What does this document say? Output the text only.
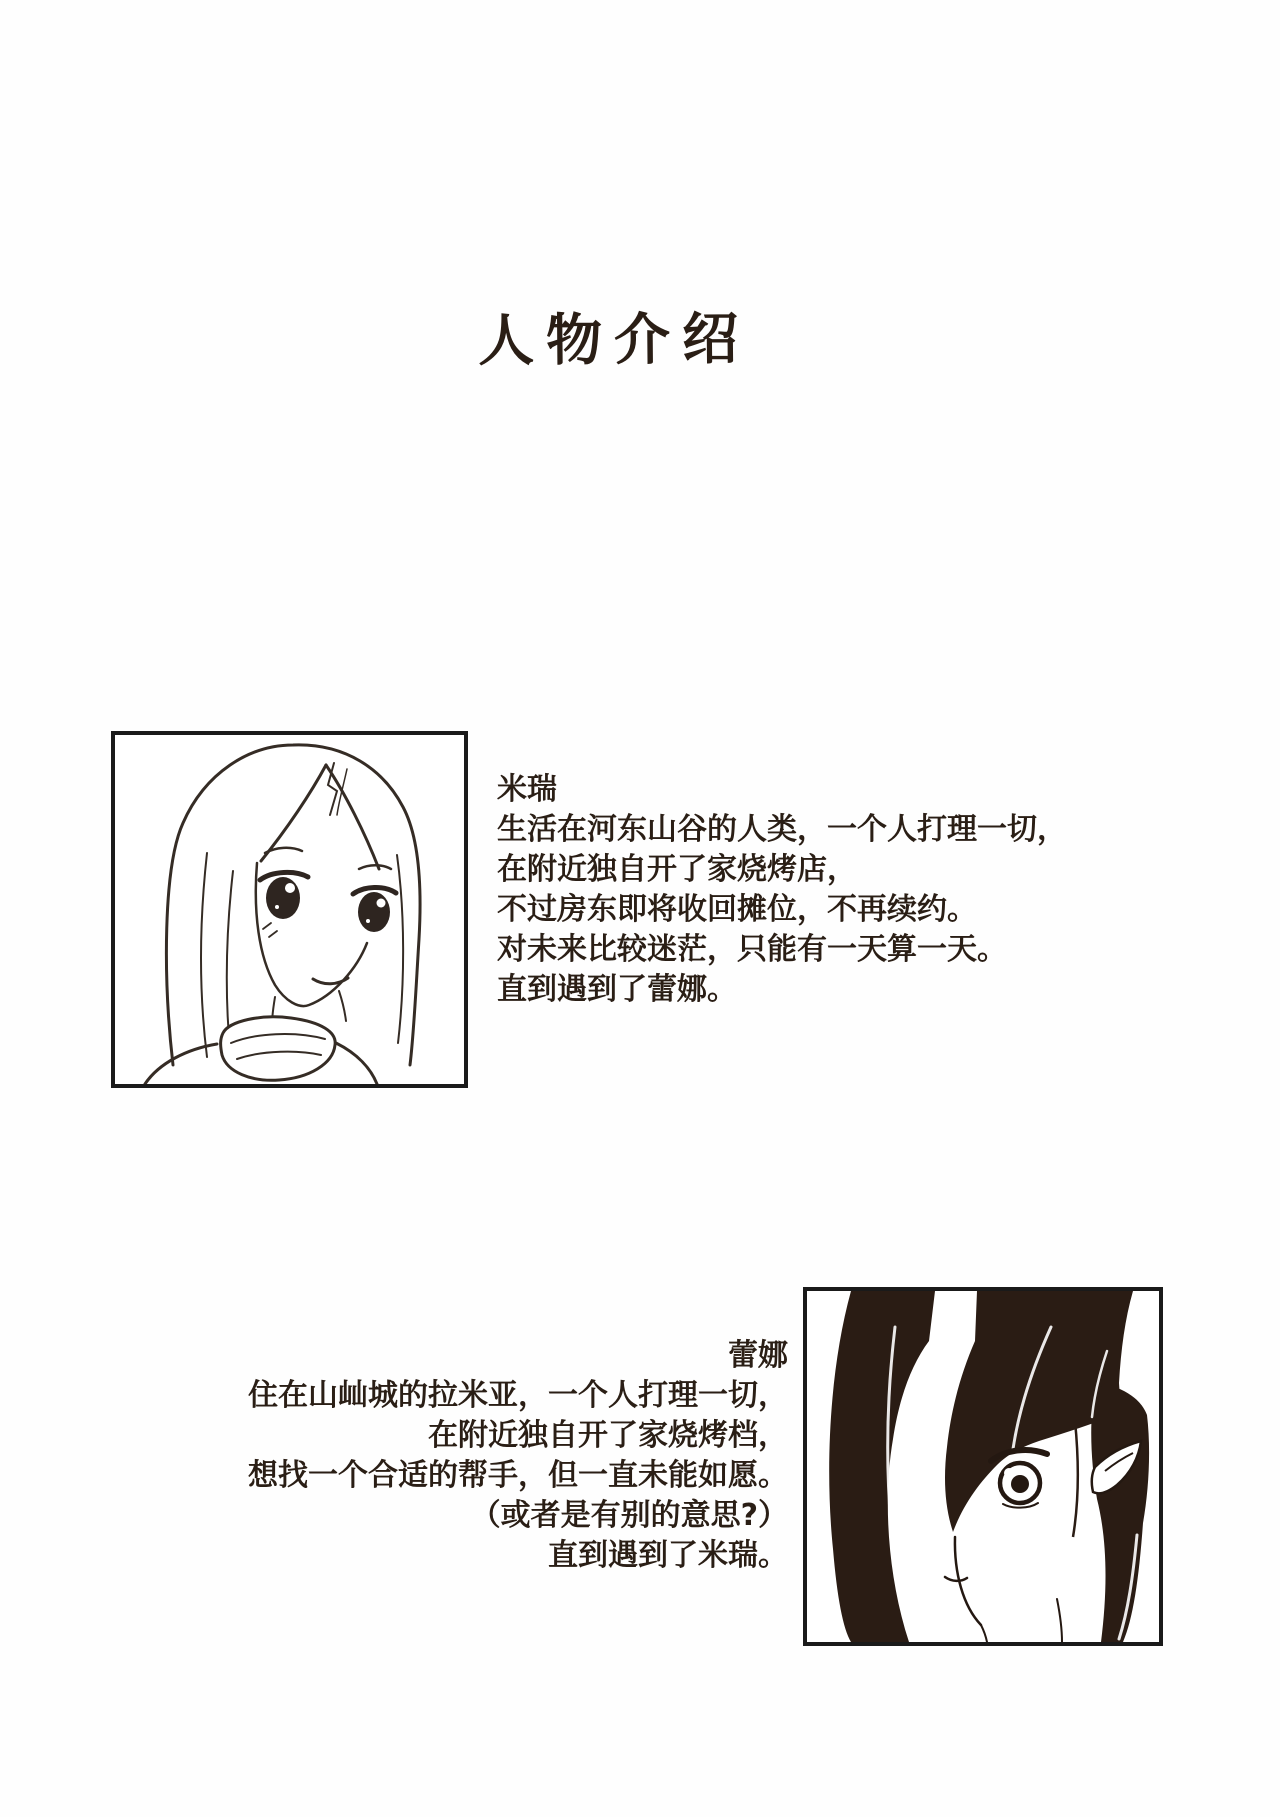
人物介绍
米瑞
生活在河东山谷的人类，一个人打理一切，
在附近独自开了家烧烤店，
不过房东即将收回摊位，不再续约。
对未来比较迷茫，只能有一天算一天。
直到遇到了蕾娜。
蕾娜
住在山屾城的拉米亚，一个人打理一切，
在附近独自开了家烧烤档，
想找一个合适的帮手，但一直未能如愿。
（或者是有别的意思?）
直到遇到了米瑞。
